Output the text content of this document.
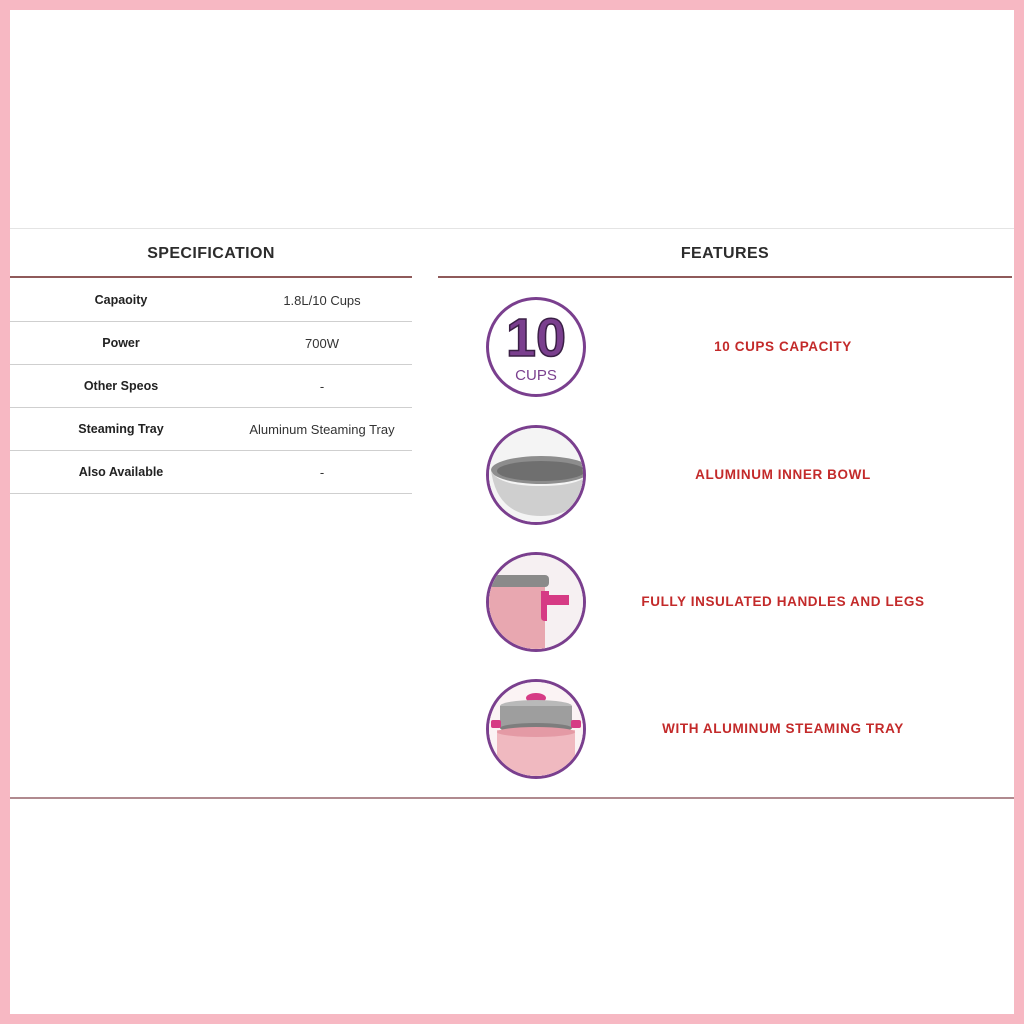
SPECIFICATION
Capaoity	1.8L/10 Cups
Power	700W
Other Speos	-
Steaming Tray	Aluminum Steaming Tray
Also Available	-
FEATURES
10
CUPS
10 CUPS CAPACITY
ALUMINUM INNER BOWL
FULLY INSULATED HANDLES AND LEGS
WITH ALUMINUM STEAMING TRAY
